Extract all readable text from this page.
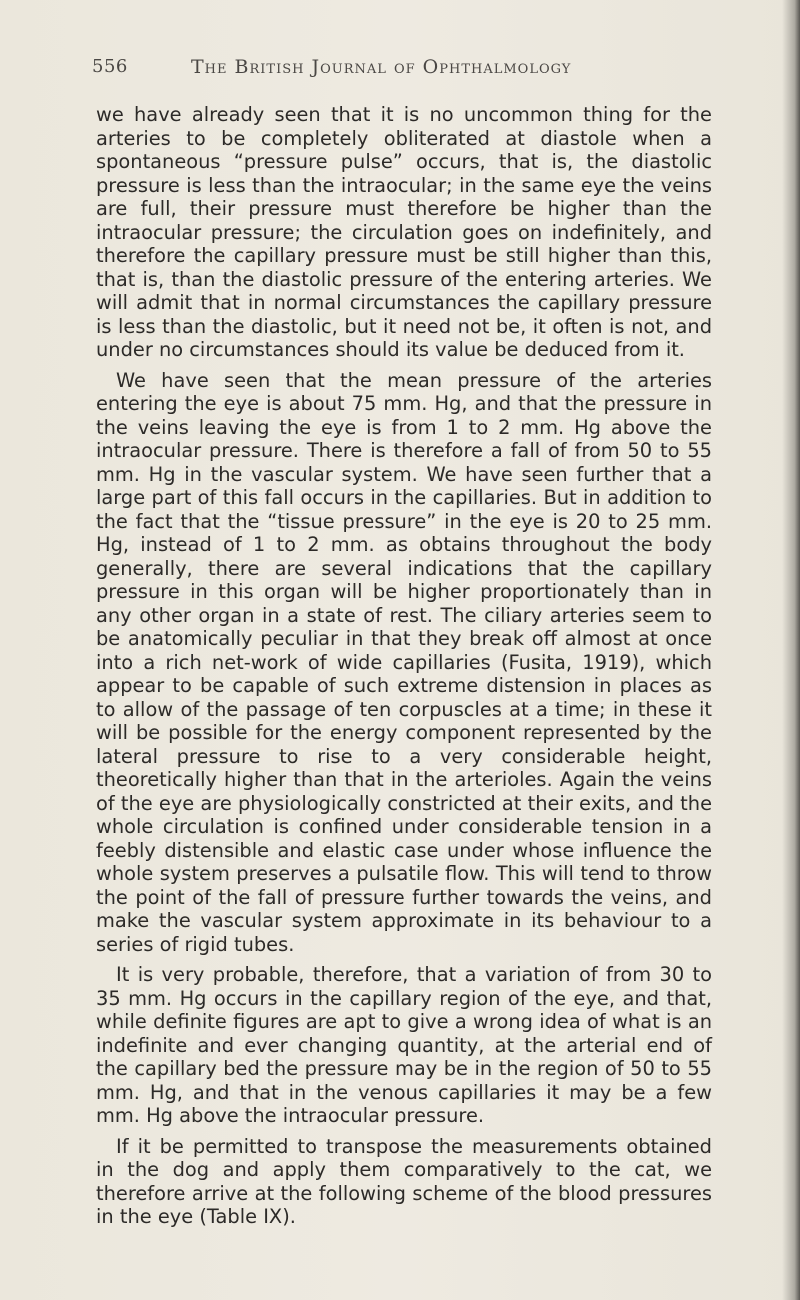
556	The British Journal of Ophthalmology

we have already seen that it is no uncommon thing for the arteries to be completely obliterated at diastole when a spontaneous “pressure pulse” occurs, that is, the diastolic pressure is less than the intraocular; in the same eye the veins are full, their pressure must therefore be higher than the intraocular pressure; the circulation goes on indefinitely, and therefore the capillary pressure must be still higher than this, that is, than the diastolic pressure of the entering arteries. We will admit that in normal circumstances the capillary pressure is less than the diastolic, but it need not be, it often is not, and under no circumstances should its value be deduced from it.

We have seen that the mean pressure of the arteries entering the eye is about 75 mm. Hg, and that the pressure in the veins leaving the eye is from 1 to 2 mm. Hg above the intraocular pressure. There is therefore a fall of from 50 to 55 mm. Hg in the vascular system. We have seen further that a large part of this fall occurs in the capillaries. But in addition to the fact that the “tissue pressure” in the eye is 20 to 25 mm. Hg, instead of 1 to 2 mm. as obtains throughout the body generally, there are several indications that the capillary pressure in this organ will be higher proportionately than in any other organ in a state of rest. The ciliary arteries seem to be anatomically peculiar in that they break off almost at once into a rich net-work of wide capillaries (Fusita, 1919), which appear to be capable of such extreme distension in places as to allow of the passage of ten corpuscles at a time; in these it will be possible for the energy component represented by the lateral pressure to rise to a very considerable height, theoretically higher than that in the arterioles. Again the veins of the eye are physiologically constricted at their exits, and the whole circulation is confined under considerable tension in a feebly distensible and elastic case under whose influence the whole system preserves a pulsatile flow. This will tend to throw the point of the fall of pressure further towards the veins, and make the vascular system approximate in its behaviour to a series of rigid tubes.

It is very probable, therefore, that a variation of from 30 to 35 mm. Hg occurs in the capillary region of the eye, and that, while definite figures are apt to give a wrong idea of what is an indefinite and ever changing quantity, at the arterial end of the capillary bed the pressure may be in the region of 50 to 55 mm. Hg, and that in the venous capillaries it may be a few mm. Hg above the intraocular pressure.

If it be permitted to transpose the measurements obtained in the dog and apply them comparatively to the cat, we therefore arrive at the following scheme of the blood pressures in the eye (Table IX).
